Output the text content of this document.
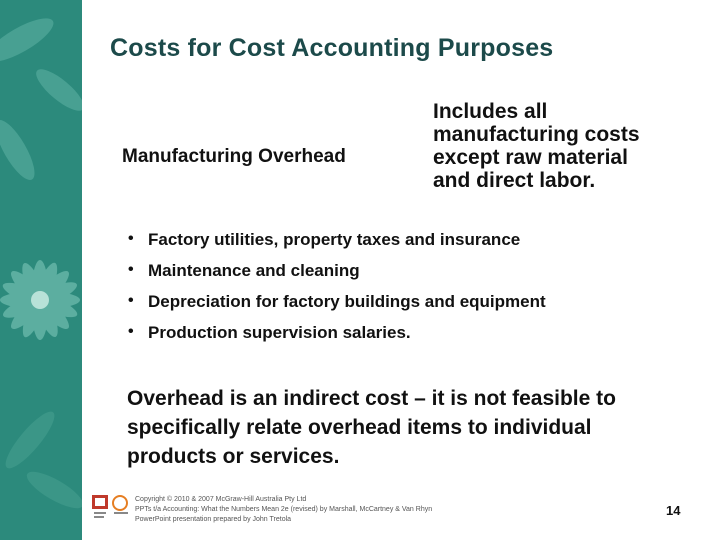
Costs for Cost Accounting Purposes
Manufacturing Overhead
Includes all
manufacturing costs
except raw material
and direct labor.
• Factory utilities, property taxes and insurance
• Maintenance and cleaning
• Depreciation for factory buildings and equipment
• Production supervision salaries.
Overhead is an indirect cost – it is not feasible to
specifically relate overhead items to individual
products or services.
Copyright © 2010 & 2007 McGraw-Hill Australia Pty Ltd
PPTs t/a Accounting: What the Numbers Mean 2e (revised) by Marshall, McCartney & Van Rhyn
PowerPoint presentation prepared by John Tretola
14
